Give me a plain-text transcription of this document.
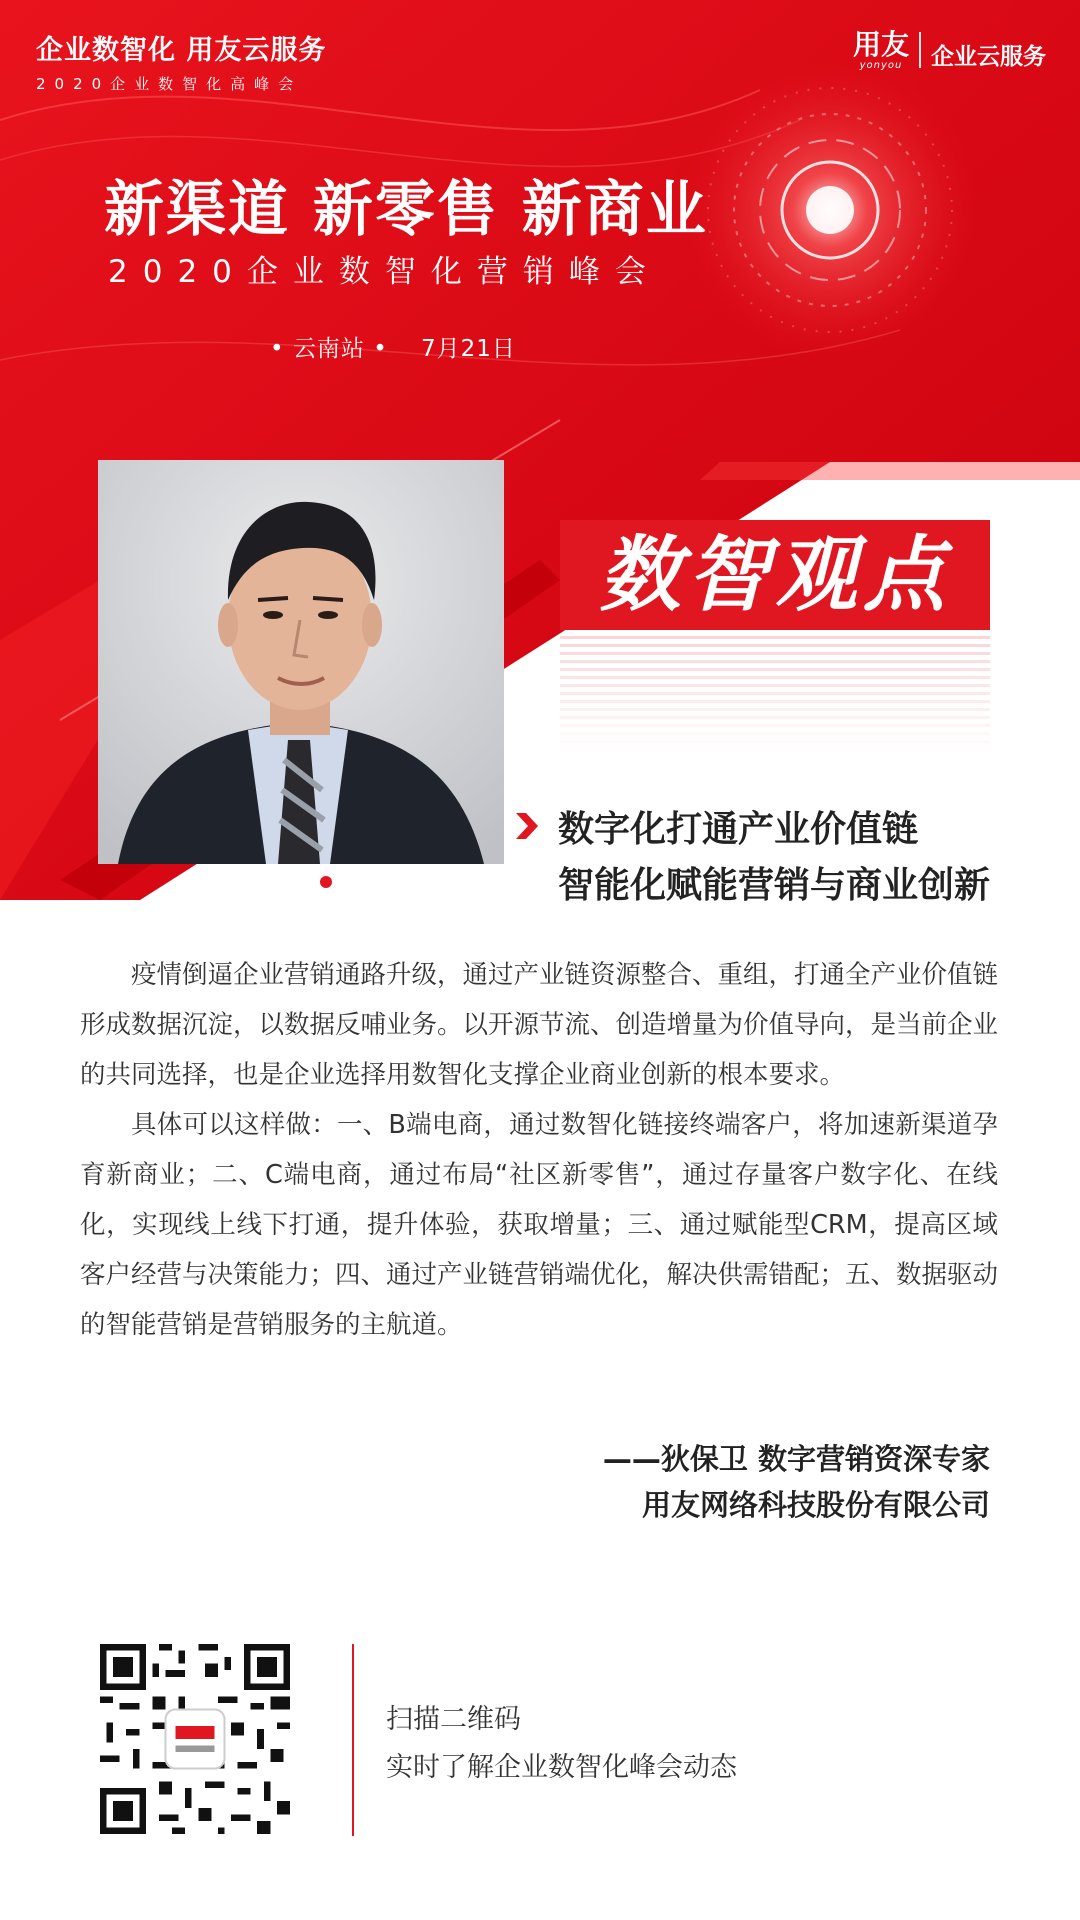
企业数智化 用友云服务
2020企业数智化高峰会
用友
yonyou 企业云服务
新渠道 新零售 新商业
2020企业数智化营销峰会
• 云南站 •    7月21日
数智观点
数字化打通产业价值链
智能化赋能营销与商业创新

疫情倒逼企业营销通路升级，通过产业链资源整合、重组，打通全产业价值链形成数据沉淀，以数据反哺业务。以开源节流、创造增量为价值导向，是当前企业的共同选择，也是企业选择用数智化支撑企业商业创新的根本要求。

具体可以这样做：一、B端电商，通过数智化链接终端客户，将加速新渠道孕育新商业；二、C端电商，通过布局“社区新零售”，通过存量客户数字化、在线化，实现线上线下打通，提升体验，获取增量；三、通过赋能型CRM，提高区域客户经营与决策能力；四、通过产业链营销端优化，解决供需错配；五、数据驱动的智能营销是营销服务的主航道。

——狄保卫 数字营销资深专家
用友网络科技股份有限公司
扫描二维码
实时了解企业数智化峰会动态
